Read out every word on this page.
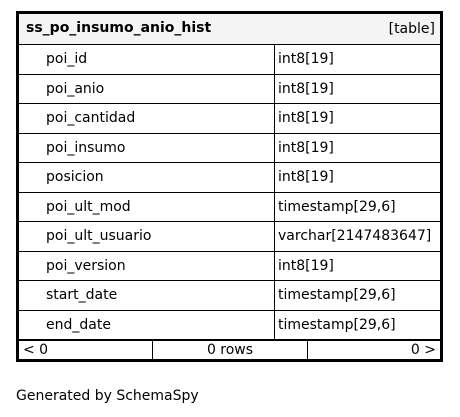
ss_po_insumo_anio_hist	[table]
poi_id	int8[19]
poi_anio	int8[19]
poi_cantidad	int8[19]
poi_insumo	int8[19]
posicion	int8[19]
poi_ult_mod	timestamp[29,6]
poi_ult_usuario	varchar[2147483647]
poi_version	int8[19]
start_date	timestamp[29,6]
end_date	timestamp[29,6]
< 0	0 rows	0 >
Generated by SchemaSpy
